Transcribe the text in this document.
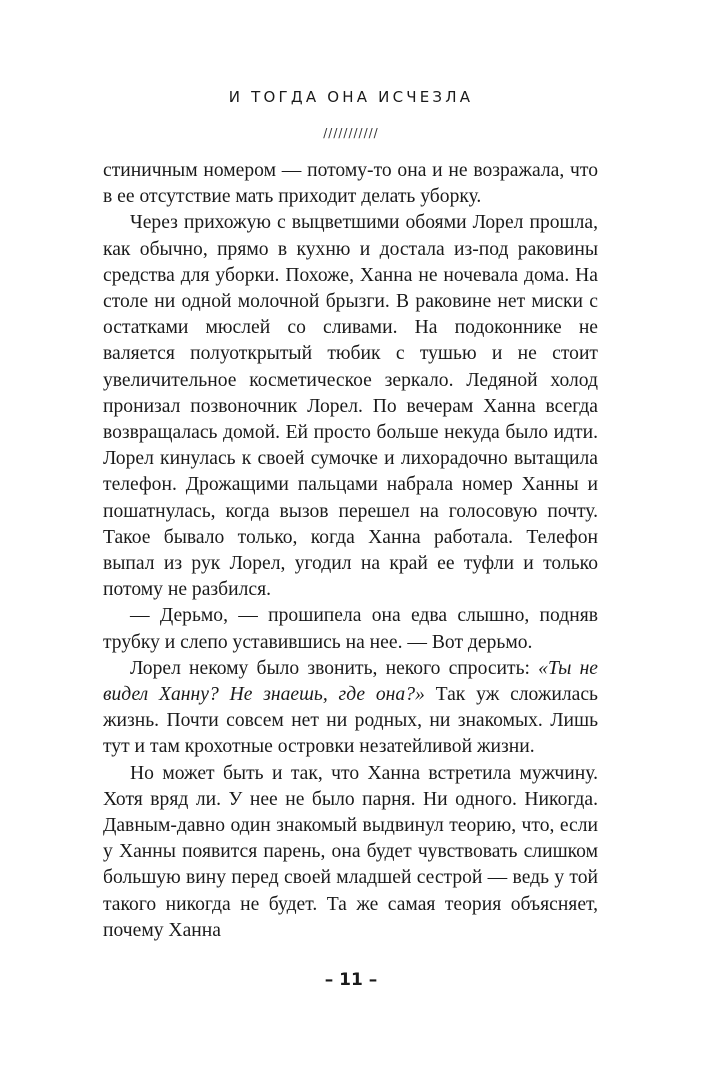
И ТОГДА ОНА ИСЧЕЗЛА
///////////

стиничным номером — потому-то она и не возражала, что в ее отсутствие мать приходит делать уборку.

Через прихожую с выцветшими обоями Лорел прошла, как обычно, прямо в кухню и достала из-под раковины средства для уборки. Похоже, Ханна не ночевала дома. На столе ни одной молочной брызги. В раковине нет миски с остатками мюслей со сливами. На подоконнике не валяется полуоткрытый тюбик с тушью и не стоит увеличительное косметическое зеркало. Ледяной холод пронизал позвоночник Лорел. По вечерам Ханна всегда возвращалась домой. Ей просто больше некуда было идти. Лорел кинулась к своей сумочке и лихорадочно вытащила телефон. Дрожащими пальцами набрала номер Ханны и пошатнулась, когда вызов перешел на голосовую почту. Такое бывало только, когда Ханна работала. Телефон выпал из рук Лорел, угодил на край ее туфли и только потому не разбился.

— Дерьмо, — прошипела она едва слышно, подняв трубку и слепо уставившись на нее. — Вот дерьмо.

Лорел некому было звонить, некого спросить: «Ты не видел Ханну? Не знаешь, где она?» Так уж сложилась жизнь. Почти совсем нет ни родных, ни знакомых. Лишь тут и там крохотные островки незатейливой жизни.

Но может быть и так, что Ханна встретила мужчину. Хотя вряд ли. У нее не было парня. Ни одного. Никогда. Давным-давно один знакомый выдвинул теорию, что, если у Ханны появится парень, она будет чувствовать слишком большую вину перед своей младшей сестрой — ведь у той такого никогда не будет. Та же самая теория объясняет, почему Ханна

– 11 –
